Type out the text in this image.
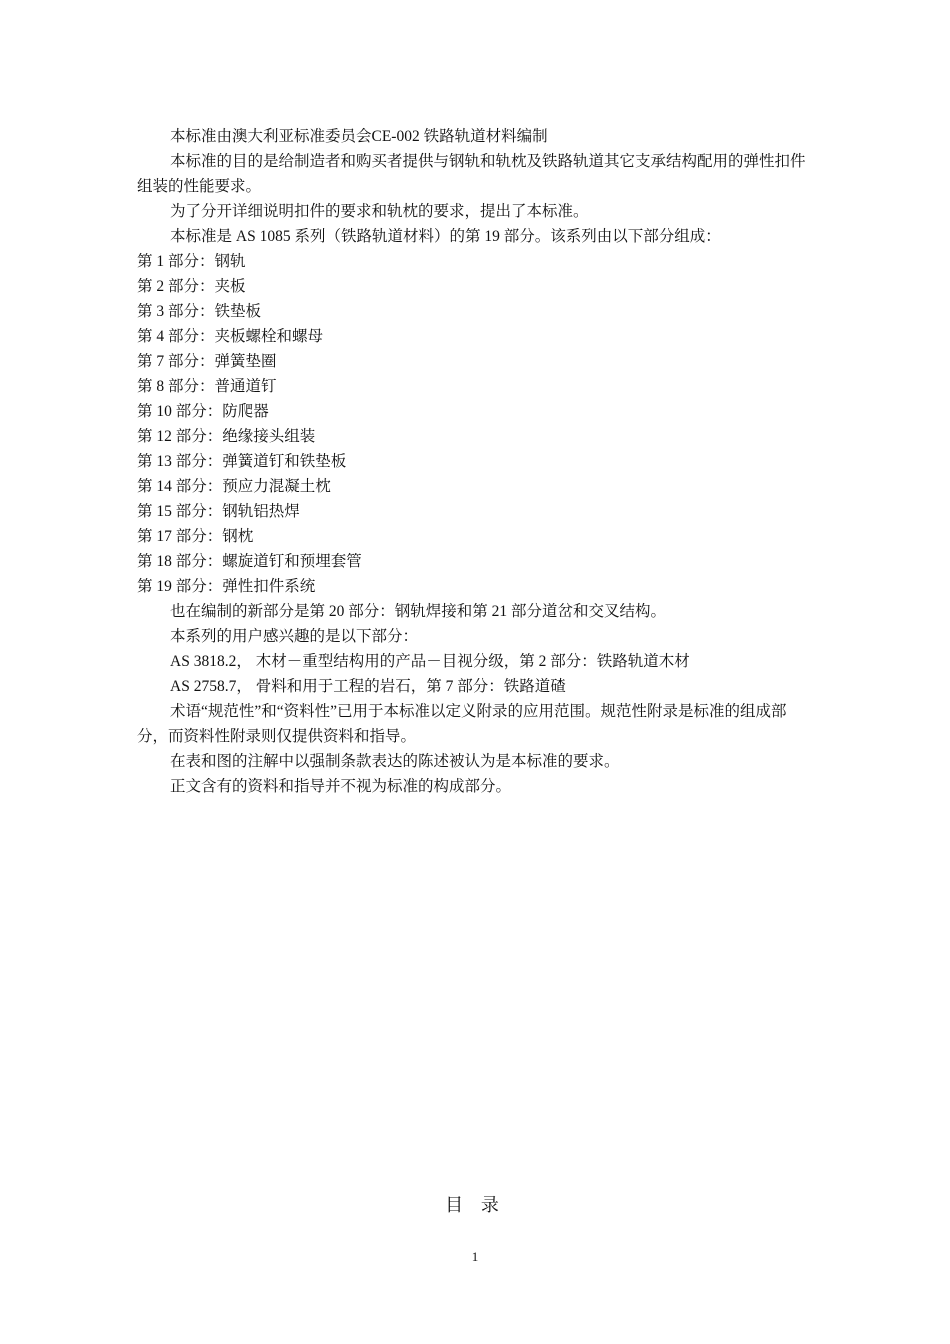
本标准由澳大利亚标准委员会CE-002 铁路轨道材料编制

本标准的目的是给制造者和购买者提供与钢轨和轨枕及铁路轨道其它支承结构配用的弹性扣件组装的性能要求。

为了分开详细说明扣件的要求和轨枕的要求，提出了本标准。

本标准是 AS 1085 系列（铁路轨道材料）的第 19 部分。该系列由以下部分组成：

第 1 部分：钢轨
第 2 部分：夹板
第 3 部分：铁垫板
第 4 部分：夹板螺栓和螺母
第 7 部分：弹簧垫圈
第 8 部分：普通道钉
第 10 部分：防爬器
第 12 部分：绝缘接头组装
第 13 部分：弹簧道钉和铁垫板
第 14 部分：预应力混凝土枕
第 15 部分：钢轨铝热焊
第 17 部分：钢枕
第 18 部分：螺旋道钉和预埋套管
第 19 部分：弹性扣件系统

也在编制的新部分是第 20 部分：钢轨焊接和第 21 部分道岔和交叉结构。

本系列的用户感兴趣的是以下部分：

AS 3818.2， 木材－重型结构用的产品－目视分级，第 2 部分：铁路轨道木材

AS 2758.7， 骨料和用于工程的岩石，第 7 部分：铁路道碴

术语“规范性”和“资料性”已用于本标准以定义附录的应用范围。规范性附录是标准的组成部分，而资料性附录则仅提供资料和指导。

在表和图的注解中以强制条款表达的陈述被认为是本标准的要求。

正文含有的资料和指导并不视为标准的构成部分。

目 录
1
